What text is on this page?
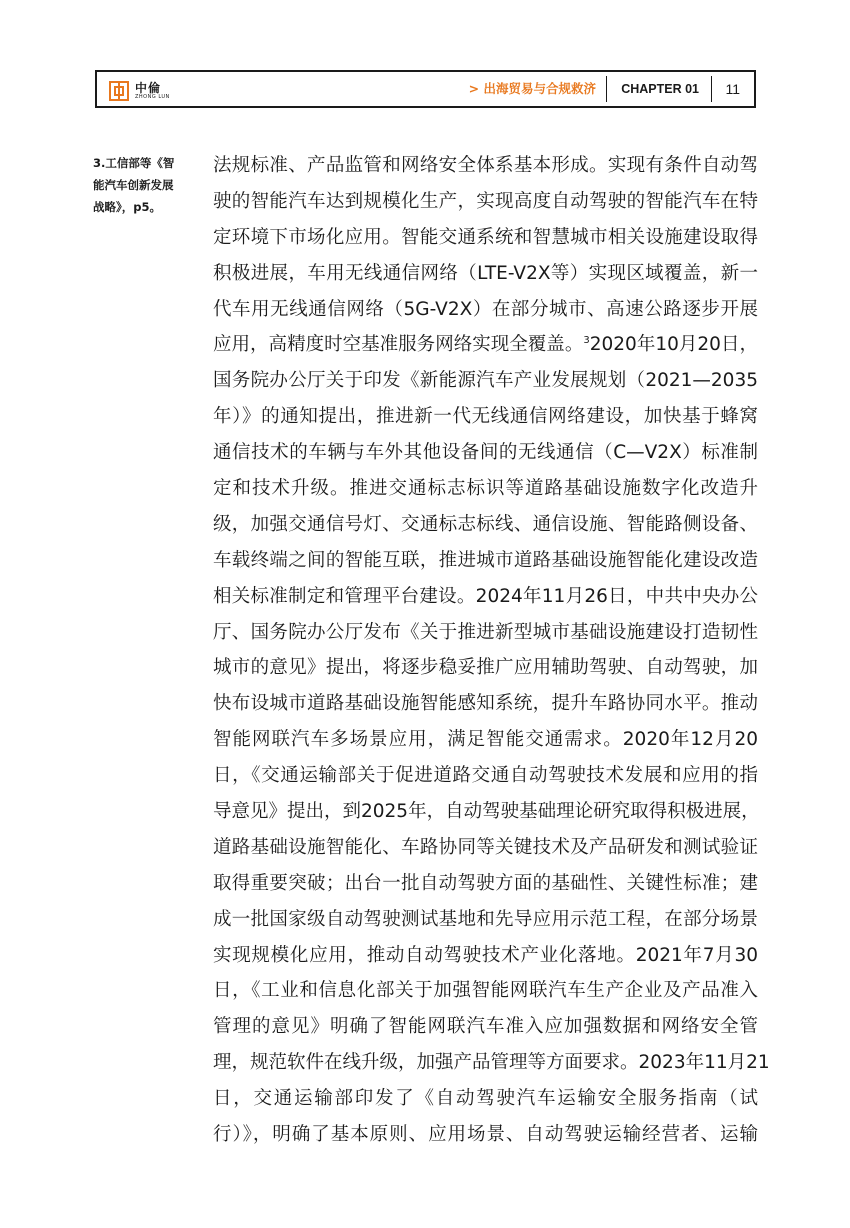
中倫
ZHONG LUN
> 出海贸易与合规救济 CHAPTER 01 11
3.工信部等《智
能汽车创新发展
战略》，p5。
法规标准、产品监管和网络安全体系基本形成。实现有条件自动驾
驶的智能汽车达到规模化生产，实现高度自动驾驶的智能汽车在特
定环境下市场化应用。智能交通系统和智慧城市相关设施建设取得
积极进展，车用无线通信网络（LTE-V2X等）实现区域覆盖，新一
代车用无线通信网络（5G-V2X）在部分城市、高速公路逐步开展
应用，高精度时空基准服务网络实现全覆盖。$^3$2020年10月20日，
国务院办公厅关于印发《新能源汽车产业发展规划（2021—2035
年）》的通知提出，推进新一代无线通信网络建设，加快基于蜂窝
通信技术的车辆与车外其他设备间的无线通信（C—V2X）标准制
定和技术升级。推进交通标志标识等道路基础设施数字化改造升
级，加强交通信号灯、交通标志标线、通信设施、智能路侧设备、
车载终端之间的智能互联，推进城市道路基础设施智能化建设改造
相关标准制定和管理平台建设。2024年11月26日，中共中央办公
厅、国务院办公厅发布《关于推进新型城市基础设施建设打造韧性
城市的意见》提出，将逐步稳妥推广应用辅助驾驶、自动驾驶，加
快布设城市道路基础设施智能感知系统，提升车路协同水平。推动
智能网联汽车多场景应用，满足智能交通需求。2020年12月20
日，《交通运输部关于促进道路交通自动驾驶技术发展和应用的指
导意见》提出，到2025年，自动驾驶基础理论研究取得积极进展，
道路基础设施智能化、车路协同等关键技术及产品研发和测试验证
取得重要突破；出台一批自动驾驶方面的基础性、关键性标准；建
成一批国家级自动驾驶测试基地和先导应用示范工程，在部分场景
实现规模化应用，推动自动驾驶技术产业化落地。2021年7月30
日，《工业和信息化部关于加强智能网联汽车生产企业及产品准入
管理的意见》明确了智能网联汽车准入应加强数据和网络安全管
理，规范软件在线升级，加强产品管理等方面要求。2023年11月21
日，交通运输部印发了《自动驾驶汽车运输安全服务指南（试
行）》，明确了基本原则、应用场景、自动驾驶运输经营者、运输
